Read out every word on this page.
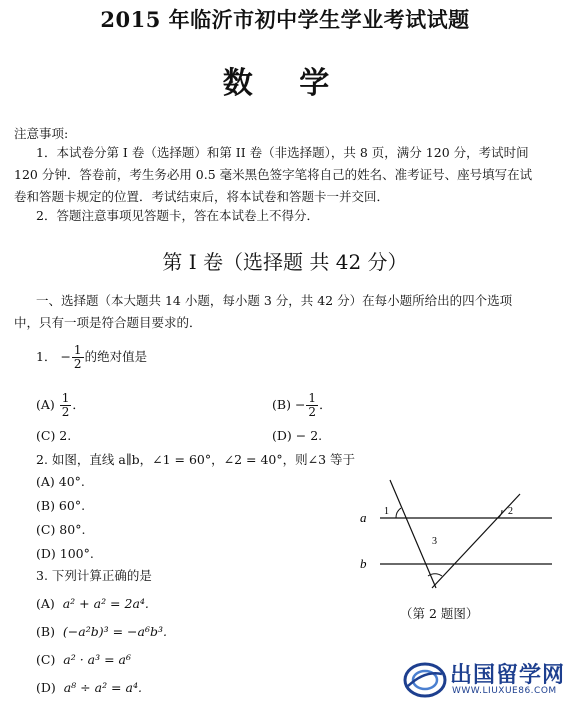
2015 年临沂市初中学生学业考试试题
数 学
注意事项:
1．本试卷分第 I 卷（选择题）和第 II 卷（非选择题），共 8 页，满分 120 分，考试时间 120 分钟．答卷前，考生务必用 0.5 毫米黑色签字笔将自己的姓名、准考证号、座号填写在试卷和答题卡规定的位置．考试结束后，将本试卷和答题卡一并交回．
2．答题注意事项见答题卡，答在本试卷上不得分．
第 I 卷（选择题 共 42 分）
一、选择题（本大题共 14 小题，每小题 3 分，共 42 分）在每小题所给出的四个选项中，只有一项是符合题目要求的．
1． − $\frac{1}{2}$ 的绝对值是
$(A) \frac{1}{2}$ ．	$(B) - \frac{1}{2}$ ．
(C) 2.	(D) − 2.
2. 如图，直线 a∥b，∠1 = 60°，∠2 = 40°，则∠3 等于
(A) 40°.
(B) 60°.
(C) 80°.
(D) 100°.
a
b
1	2
3
（第 2 题图）
3. 下列计算正确的是
(A) a² + a² = 2a⁴.
(B) (−a²b)³ = −a⁶b³.
(C) a² · a³ = a⁶
(D) a⁸ ÷ a² = a⁴.	出国留学网
WWW.LIUXUE86.COM
